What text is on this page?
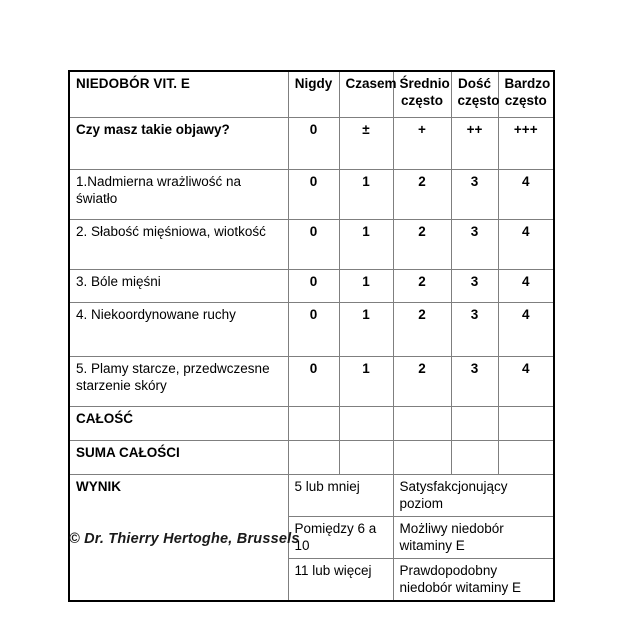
NIEDOBÓR VIT. E	Nigdy	Czasem	Średnio często	Dość często	Bardzo często
Czy masz takie objawy?	0	±	+	++	+++
1.Nadmierna wrażliwość na światło	0	1	2	3	4
2. Słabość mięśniowa, wiotkość	0	1	2	3	4
3. Bóle mięśni	0	1	2	3	4
4. Niekoordynowane ruchy	0	1	2	3	4
5. Plamy starcze, przedwczesne starzenie skóry	0	1	2	3	4
CAŁOŚĆ					
SUMA CAŁOŚCI					
WYNIK	5 lub mniej		Satysfakcjonujący poziom		
	Pomiędzy 6 a 10		Możliwy niedobór witaminy E		
	11 lub więcej		Prawdopodobny niedobór witaminy E		
© Dr. Thierry Hertoghe, Brussels
